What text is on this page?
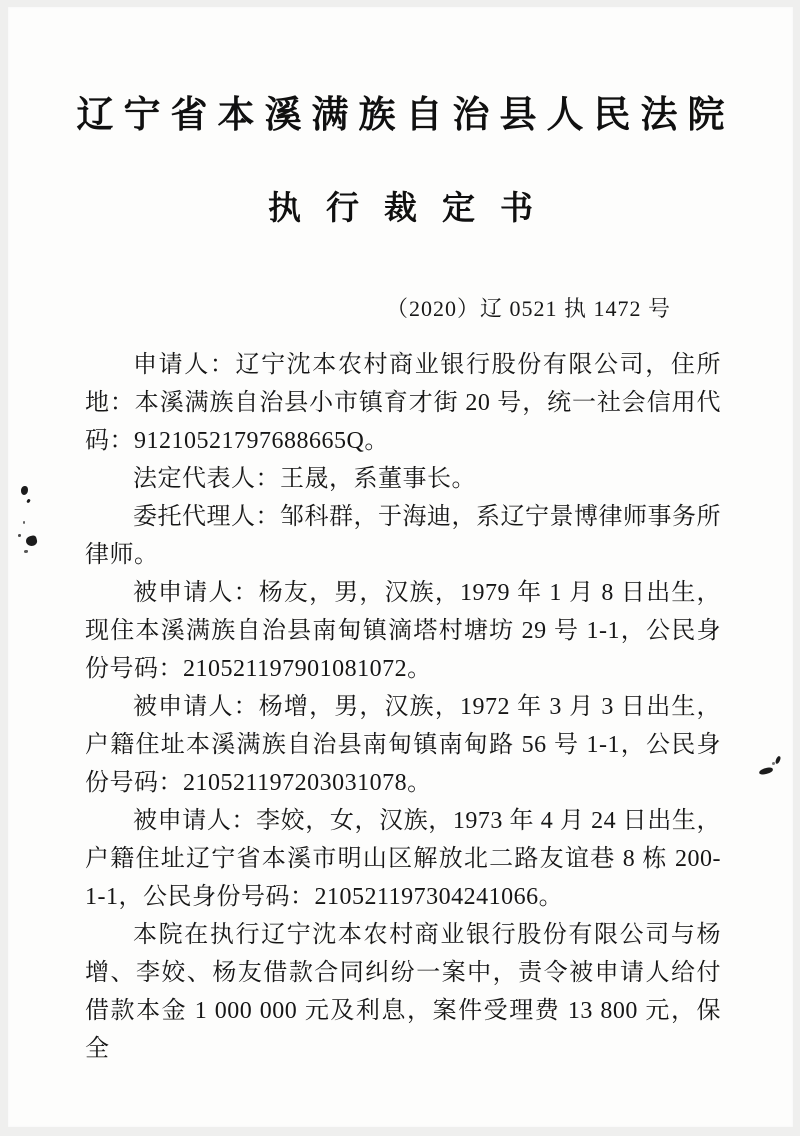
辽宁省本溪满族自治县人民法院
执行裁定书
（2020）辽 0521 执 1472 号

申请人：辽宁沈本农村商业银行股份有限公司，住所地：本溪满族自治县小市镇育才街 20 号，统一社会信用代码：91210521797688665Q。

法定代表人：王晟，系董事长。

委托代理人：邹科群，于海迪，系辽宁景博律师事务所律师。

被申请人：杨友，男，汉族，1979 年 1 月 8 日出生，现住本溪满族自治县南甸镇滴塔村塘坊 29 号 1-1，公民身份号码：210521197901081072。

被申请人：杨增，男，汉族，1972 年 3 月 3 日出生，户籍住址本溪满族自治县南甸镇南甸路 56 号 1-1，公民身份号码：210521197203031078。

被申请人：李姣，女，汉族，1973 年 4 月 24 日出生，户籍住址辽宁省本溪市明山区解放北二路友谊巷 8 栋 200-1-1，公民身份号码：210521197304241066。

本院在执行辽宁沈本农村商业银行股份有限公司与杨增、李姣、杨友借款合同纠纷一案中，责令被申请人给付借款本金 1 000 000 元及利息，案件受理费 13 800 元，保全
